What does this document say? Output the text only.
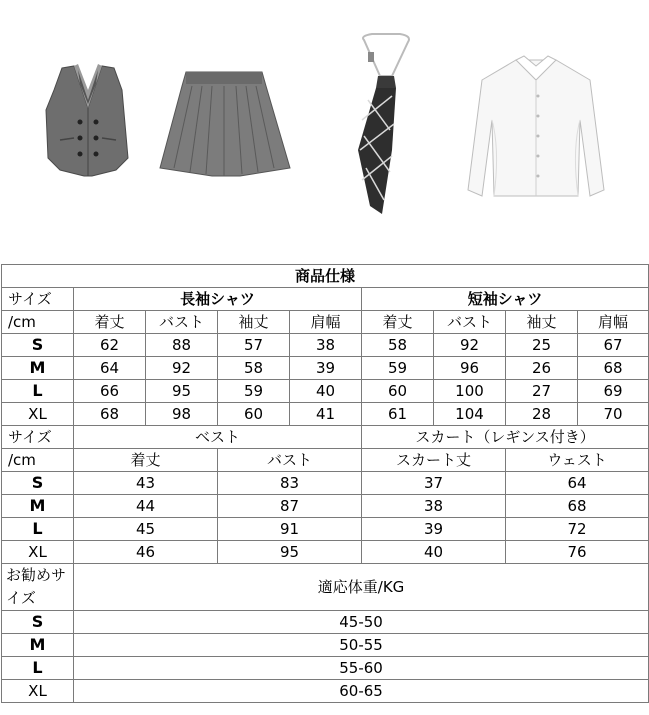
商品仕様								
サイズ	長袖シャツ				短袖シャツ			
/cm	着丈	バスト	袖丈	肩幅	着丈	バスト	袖丈	肩幅
S	62	88	57	38	58	92	25	67
M	64	92	58	39	59	96	26	68
L	66	95	59	40	60	100	27	69
XL	68	98	60	41	61	104	28	70
サイズ	ベスト				スカート（レギンス付き）			
/cm	着丈		バスト		スカート丈		ウェスト	
S	43		83		37		64	
M	44		87		38		68	
L	45		91		39		72	
XL	46		95		40		76	
お勧めサイズ	適応体重/KG							
S	45-50							
M	50-55							
L	55-60							
XL	60-65							
